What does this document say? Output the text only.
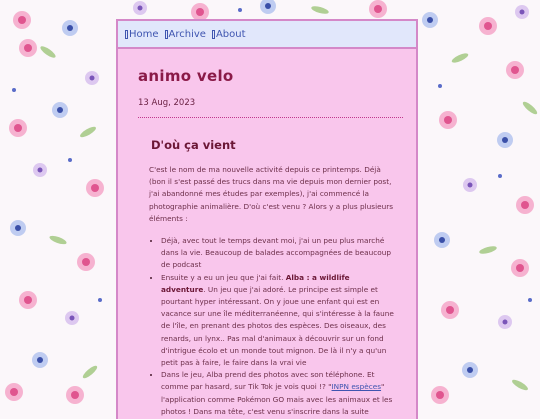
Home Archive About
animo velo
13 Aug, 2023
D'où ça vient

C'est le nom de ma nouvelle activité depuis ce printemps. Déjà (bon il s'est passé des trucs dans ma vie depuis mon dernier post, j'ai abandonné mes études par exemples), j'ai commencé la photographie animalière. D'où c'est venu ? Alors y a plus plusieurs éléments :

• Déjà, avec tout le temps devant moi, j'ai un peu plus marché dans la vie. Beaucoup de balades accompagnées de beaucoup de podcast
• Ensuite y a eu un jeu que j'ai fait. Alba : a wildlife adventure. Un jeu que j'ai adoré. Le principe est simple et pourtant hyper intéressant. On y joue une enfant qui est en vacance sur une île méditerranéenne, qui s'intéresse à la faune de l'île, en prenant des photos des espèces. Des oiseaux, des renards, un lynx.. Pas mal d'animaux à découvrir sur un fond d'intrigue écolo et un monde tout mignon. De là il n'y a qu'un petit pas à faire, le faire dans la vrai vie
• Dans le jeu, Alba prend des photos avec son téléphone. Et comme par hasard, sur Tik Tok je vois quoi !? "INPN espèces" l'application comme Pokémon GO mais avec les animaux et les photos ! Dans ma tête, c'est venu s'inscrire dans la suite
